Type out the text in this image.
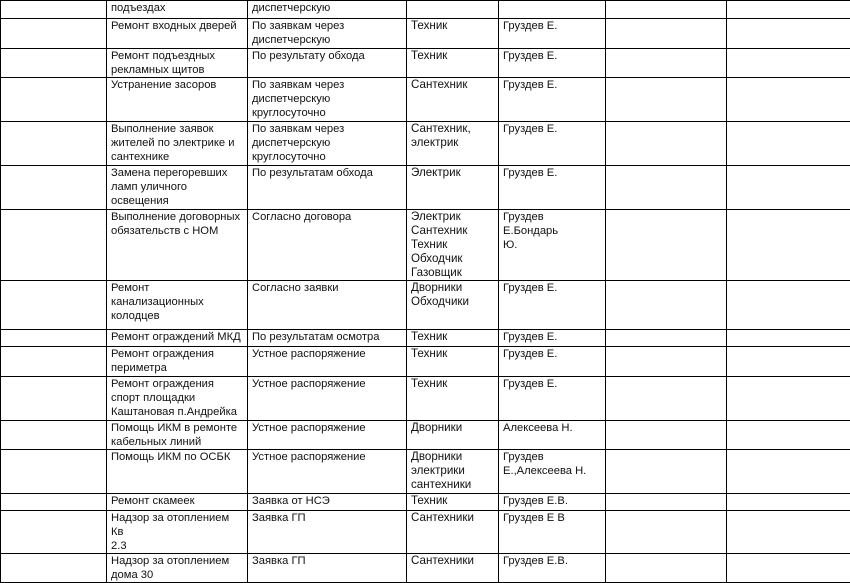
	подъездах	диспетчерскую				
	Ремонт входных дверей	По заявкам через
диспетчерскую	Техник	Груздев Е.		
	Ремонт подъездных
рекламных щитов	По результату обхода	Техник	Груздев Е.		
	Устранение засоров	По заявкам через
диспетчерскую
круглосуточно	Сантехник	Груздев Е.		
	Выполнение заявок
жителей по электрике и
сантехнике	По заявкам через
диспетчерскую
круглосуточно	Сантехник,
электрик	Груздев Е.		
	Замена перегоревших
ламп уличного
освещения	По результатам обхода	Электрик	Груздев Е.		
	Выполнение договорных
обязательств с НОМ	Согласно договора	Электрик
Сантехник
Техник
Обходчик
Газовщик	Груздев Е.Бондарь
Ю.		
	Ремонт
канализационных
колодцев	Согласно заявки	Дворники
Обходчики	Груздев Е.		
	Ремонт ограждений МКД	По результатам осмотра	Техник	Груздев Е.		
	Ремонт ограждения
периметра	Устное распоряжение	Техник	Груздев Е.		
	Ремонт ограждения
спорт площадки
Каштановая п.Андрейка	Устное распоряжение	Техник	Груздев Е.		
	Помощь ИКМ в ремонте
кабельных линий	Устное распоряжение	Дворники	Алексеева Н.		
	Помощь ИКМ по ОСБК	Устное распоряжение	Дворники
электрики
сантехники	Груздев
Е.,Алексеева Н.		
	Ремонт скамеек	Заявка от НСЭ	Техник	Груздев Е.В.		
	Надзор за отоплением Кв
2.3	Заявка ГП	Сантехники	Груздев Е В		
	Надзор за отоплением
дома 30	Заявка ГП	Сантехники	Груздев Е.В.		
